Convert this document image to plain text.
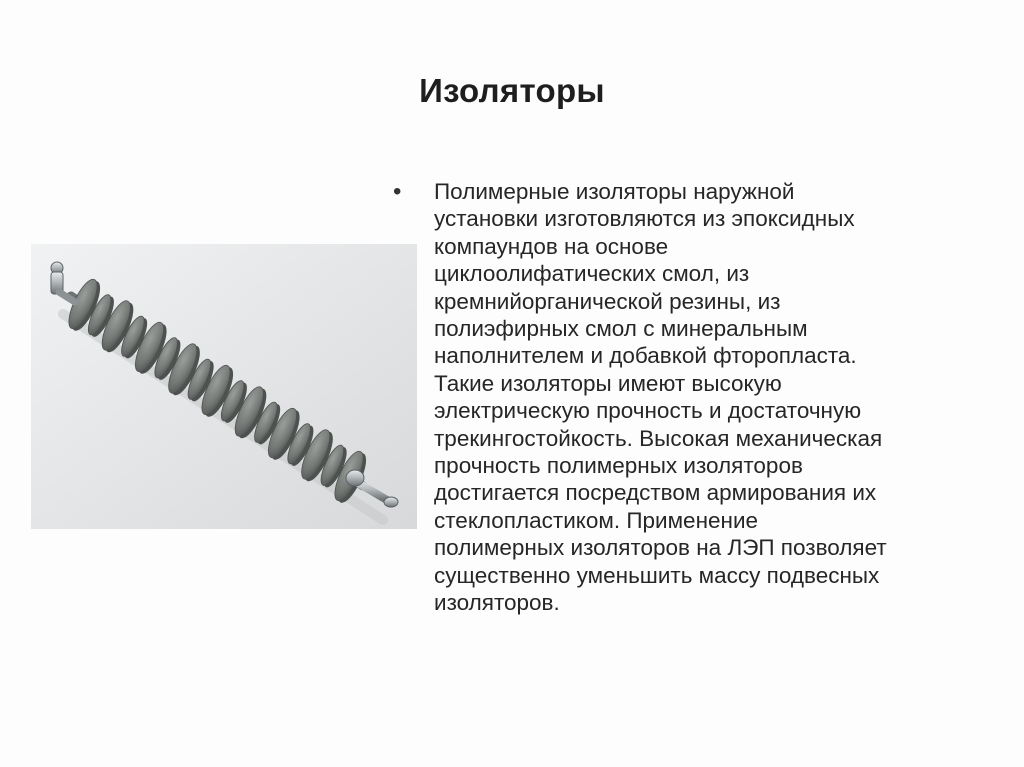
Изоляторы
• Полимерные изоляторы наружной
установки изготовляются из эпоксидных
компаундов на основе
циклоолифатических смол, из
кремнийорганической резины, из
полиэфирных смол с минеральным
наполнителем и добавкой фторопласта.
Такие изоляторы имеют высокую
электрическую прочность и достаточную
трекингостойкость. Высокая механическая
прочность полимерных изоляторов
достигается посредством армирования их
стеклопластиком. Применение
полимерных изоляторов на ЛЭП позволяет
существенно уменьшить массу подвесных
изоляторов.
